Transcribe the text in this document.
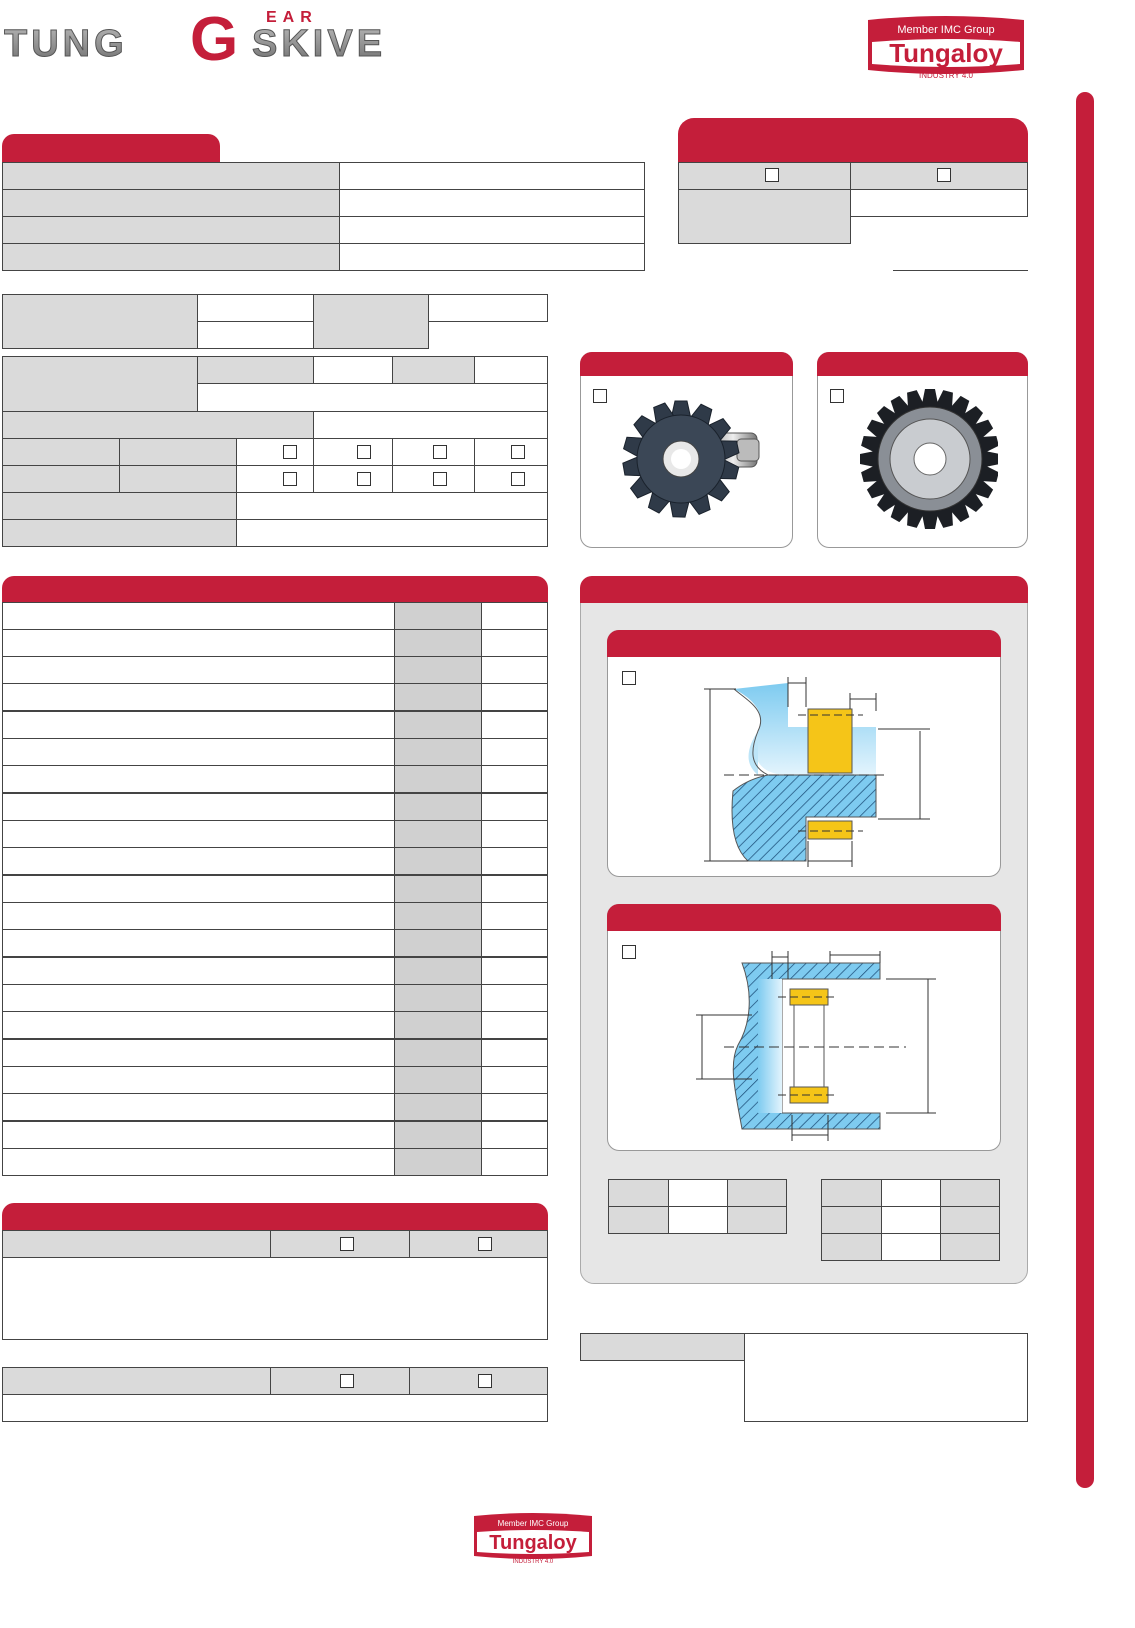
TUNG G EAR
SKIVE	Member IMC Group
Tungaloy
INDUSTRY 4.0
Member IMC Group
Tungaloy
INDUSTRY 4.0
